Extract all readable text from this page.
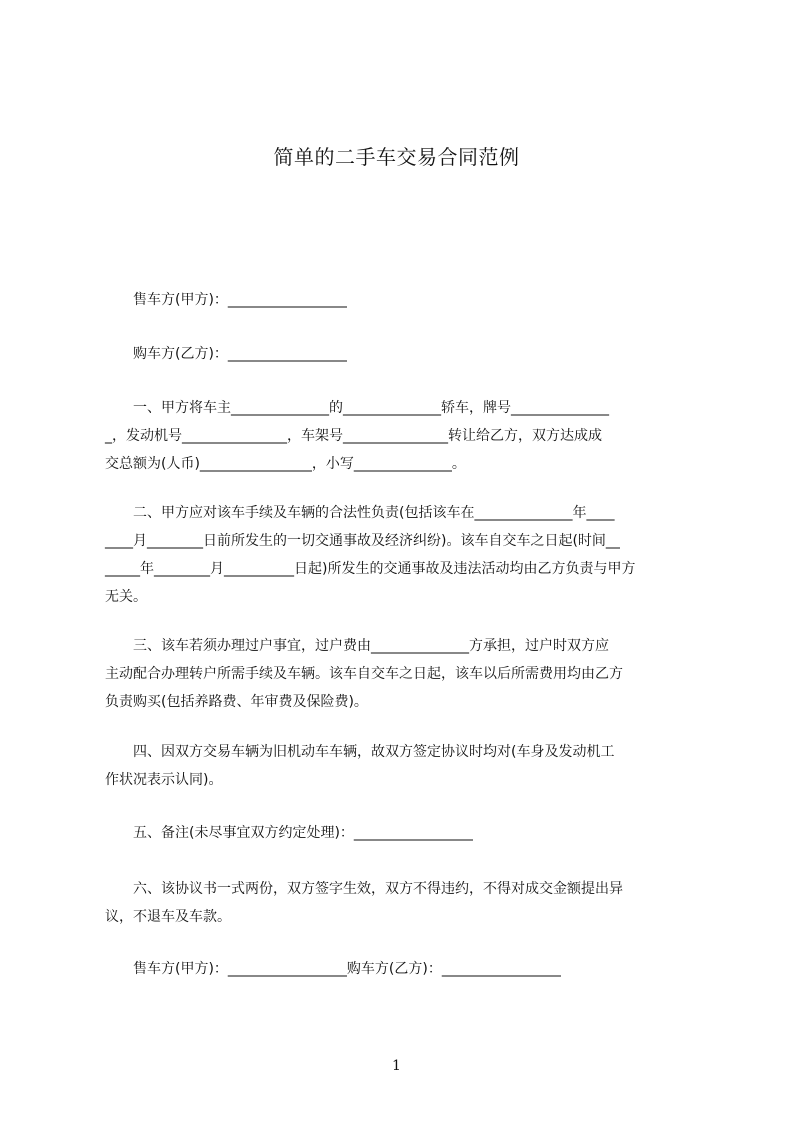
简单的二手车交易合同范例
　　售车方(甲方)：_________________
　　购车方(乙方)：_________________
　　一、甲方将车主______________的______________轿车，牌号______________
_，发动机号_______________，车架号_______________转让给乙方，双方达成成
交总额为(人币)________________，小写______________。
　　二、甲方应对该车手续及车辆的合法性负责(包括该车在______________年____
____月________日前所发生的一切交通事故及经济纠纷)。该车自交车之日起(时间__
_____年________月__________日起)所发生的交通事故及违法活动均由乙方负责与甲方
无关。
　　三、该车若须办理过户事宜，过户费由______________方承担，过户时双方应
主动配合办理转户所需手续及车辆。该车自交车之日起，该车以后所需费用均由乙方
负责购买(包括养路费、年审费及保险费)。
　　四、因双方交易车辆为旧机动车车辆，故双方签定协议时均对(车身及发动机工
作状况表示认同)。
　　五、备注(未尽事宜双方约定处理)：_________________
　　六、该协议书一式两份，双方签字生效，双方不得违约，不得对成交金额提出异
议，不退车及车款。
　　售车方(甲方)：_________________购车方(乙方)：_________________
1
